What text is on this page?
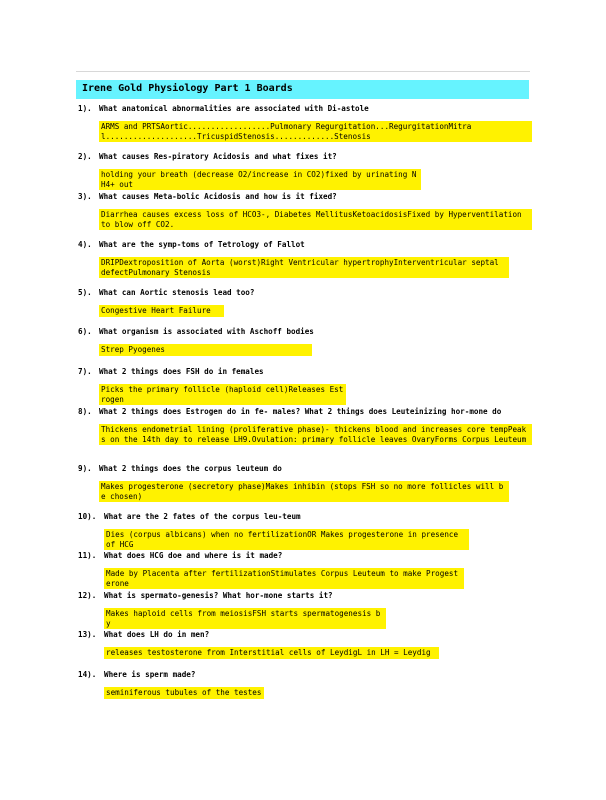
Irene Gold Physiology Part 1 Boards
1). What anatomical abnormalities are associated with Di-astole
ARMS and PRTSAortic..................Pulmonary Regurgitation...RegurgitationMitral....................TricuspidStenosis.............Stenosis
2). What causes Res-piratory Acidosis and what fixes it?
holding your breath (decrease O2/increase in CO2)fixed by urinating NH4+ out
3). What causes Meta-bolic Acidosis and how is it fixed?
Diarrhea causes excess loss of HCO3-, Diabetes MellitusKetoacidosisFixed by Hyperventilation to blow off CO2.
4). What are the symp-toms of Tetrology of Fallot
DRIPDextroposition of Aorta (worst)Right Ventricular hypertrophyInterventricular septal defectPulmonary Stenosis
5). What can Aortic stenosis lead too?
Congestive Heart Failure
6). What organism is associated with Aschoff bodies
Strep Pyogenes
7). What 2 things does FSH do in females
Picks the primary follicle (haploid cell)Releases Estrogen
8). What 2 things does Estrogen do in fe- males? What 2 things does Leuteinizing hor-mone do
Thickens endometrial lining (proliferative phase)- thickens blood and increases core tempPeaks on the 14th day to release LH9.Ovulation: primary follicle leaves OvaryForms Corpus Leuteum
9). What 2 things does the corpus leuteum do
Makes progesterone (secretory phase)Makes inhibin (stops FSH so no more follicles will be chosen)
10).	What are the 2 fates of the corpus leu-teum
Dies (corpus albicans) when no fertilizationOR Makes progesterone in presence of HCG
11).	What does HCG doe and where is it made?
Made by Placenta after fertilizationStimulates Corpus Leuteum to make Progesterone
12).	What is spermato-genesis? What hor-mone starts it?
Makes haploid cells from meiosisFSH starts spermatogenesis by
13).	What does LH do in men?
releases testosterone from Interstitial cells of LeydigL in LH = Leydig
14).	Where is sperm made?
seminiferous tubules of the testes
